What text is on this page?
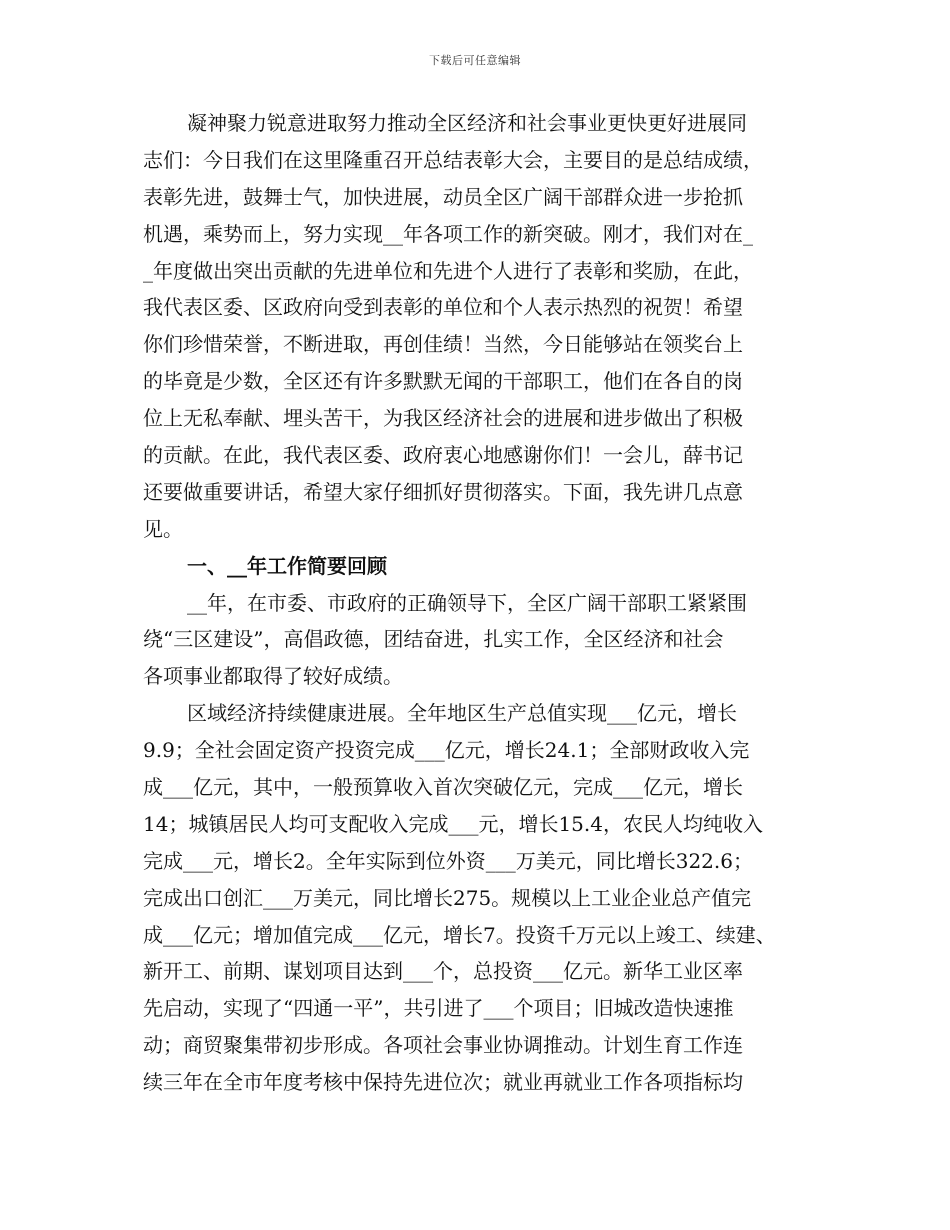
下载后可任意编辑
凝神聚力锐意进取努力推动全区经济和社会事业更快更好进展同
志们：今日我们在这里隆重召开总结表彰大会，主要目的是总结成绩，
表彰先进，鼓舞士气，加快进展，动员全区广阔干部群众进一步抢抓
机遇，乘势而上，努力实现__年各项工作的新突破。刚才，我们对在_
_年度做出突出贡献的先进单位和先进个人进行了表彰和奖励，在此，
我代表区委、区政府向受到表彰的单位和个人表示热烈的祝贺！希望
你们珍惜荣誉，不断进取，再创佳绩！当然，今日能够站在领奖台上
的毕竟是少数，全区还有许多默默无闻的干部职工，他们在各自的岗
位上无私奉献、埋头苦干，为我区经济社会的进展和进步做出了积极
的贡献。在此，我代表区委、政府衷心地感谢你们！一会儿，薛书记
还要做重要讲话，希望大家仔细抓好贯彻落实。下面，我先讲几点意
见。
一、__年工作简要回顾
__年，在市委、市政府的正确领导下，全区广阔干部职工紧紧围
绕“三区建设”，高倡政德，团结奋进，扎实工作，全区经济和社会
各项事业都取得了较好成绩。
区域经济持续健康进展。全年地区生产总值实现___亿元，增长
9.9；全社会固定资产投资完成___亿元，增长24.1；全部财政收入完
成___亿元，其中，一般预算收入首次突破亿元，完成___亿元，增长
14；城镇居民人均可支配收入完成___元，增长15.4，农民人均纯收入
完成___元，增长2。全年实际到位外资___万美元，同比增长322.6；
完成出口创汇___万美元，同比增长275。规模以上工业企业总产值完
成___亿元；增加值完成___亿元，增长7。投资千万元以上竣工、续建、
新开工、前期、谋划项目达到___个，总投资___亿元。新华工业区率
先启动，实现了“四通一平”，共引进了___个项目；旧城改造快速推
动；商贸聚集带初步形成。各项社会事业协调推动。计划生育工作连
续三年在全市年度考核中保持先进位次；就业再就业工作各项指标均
